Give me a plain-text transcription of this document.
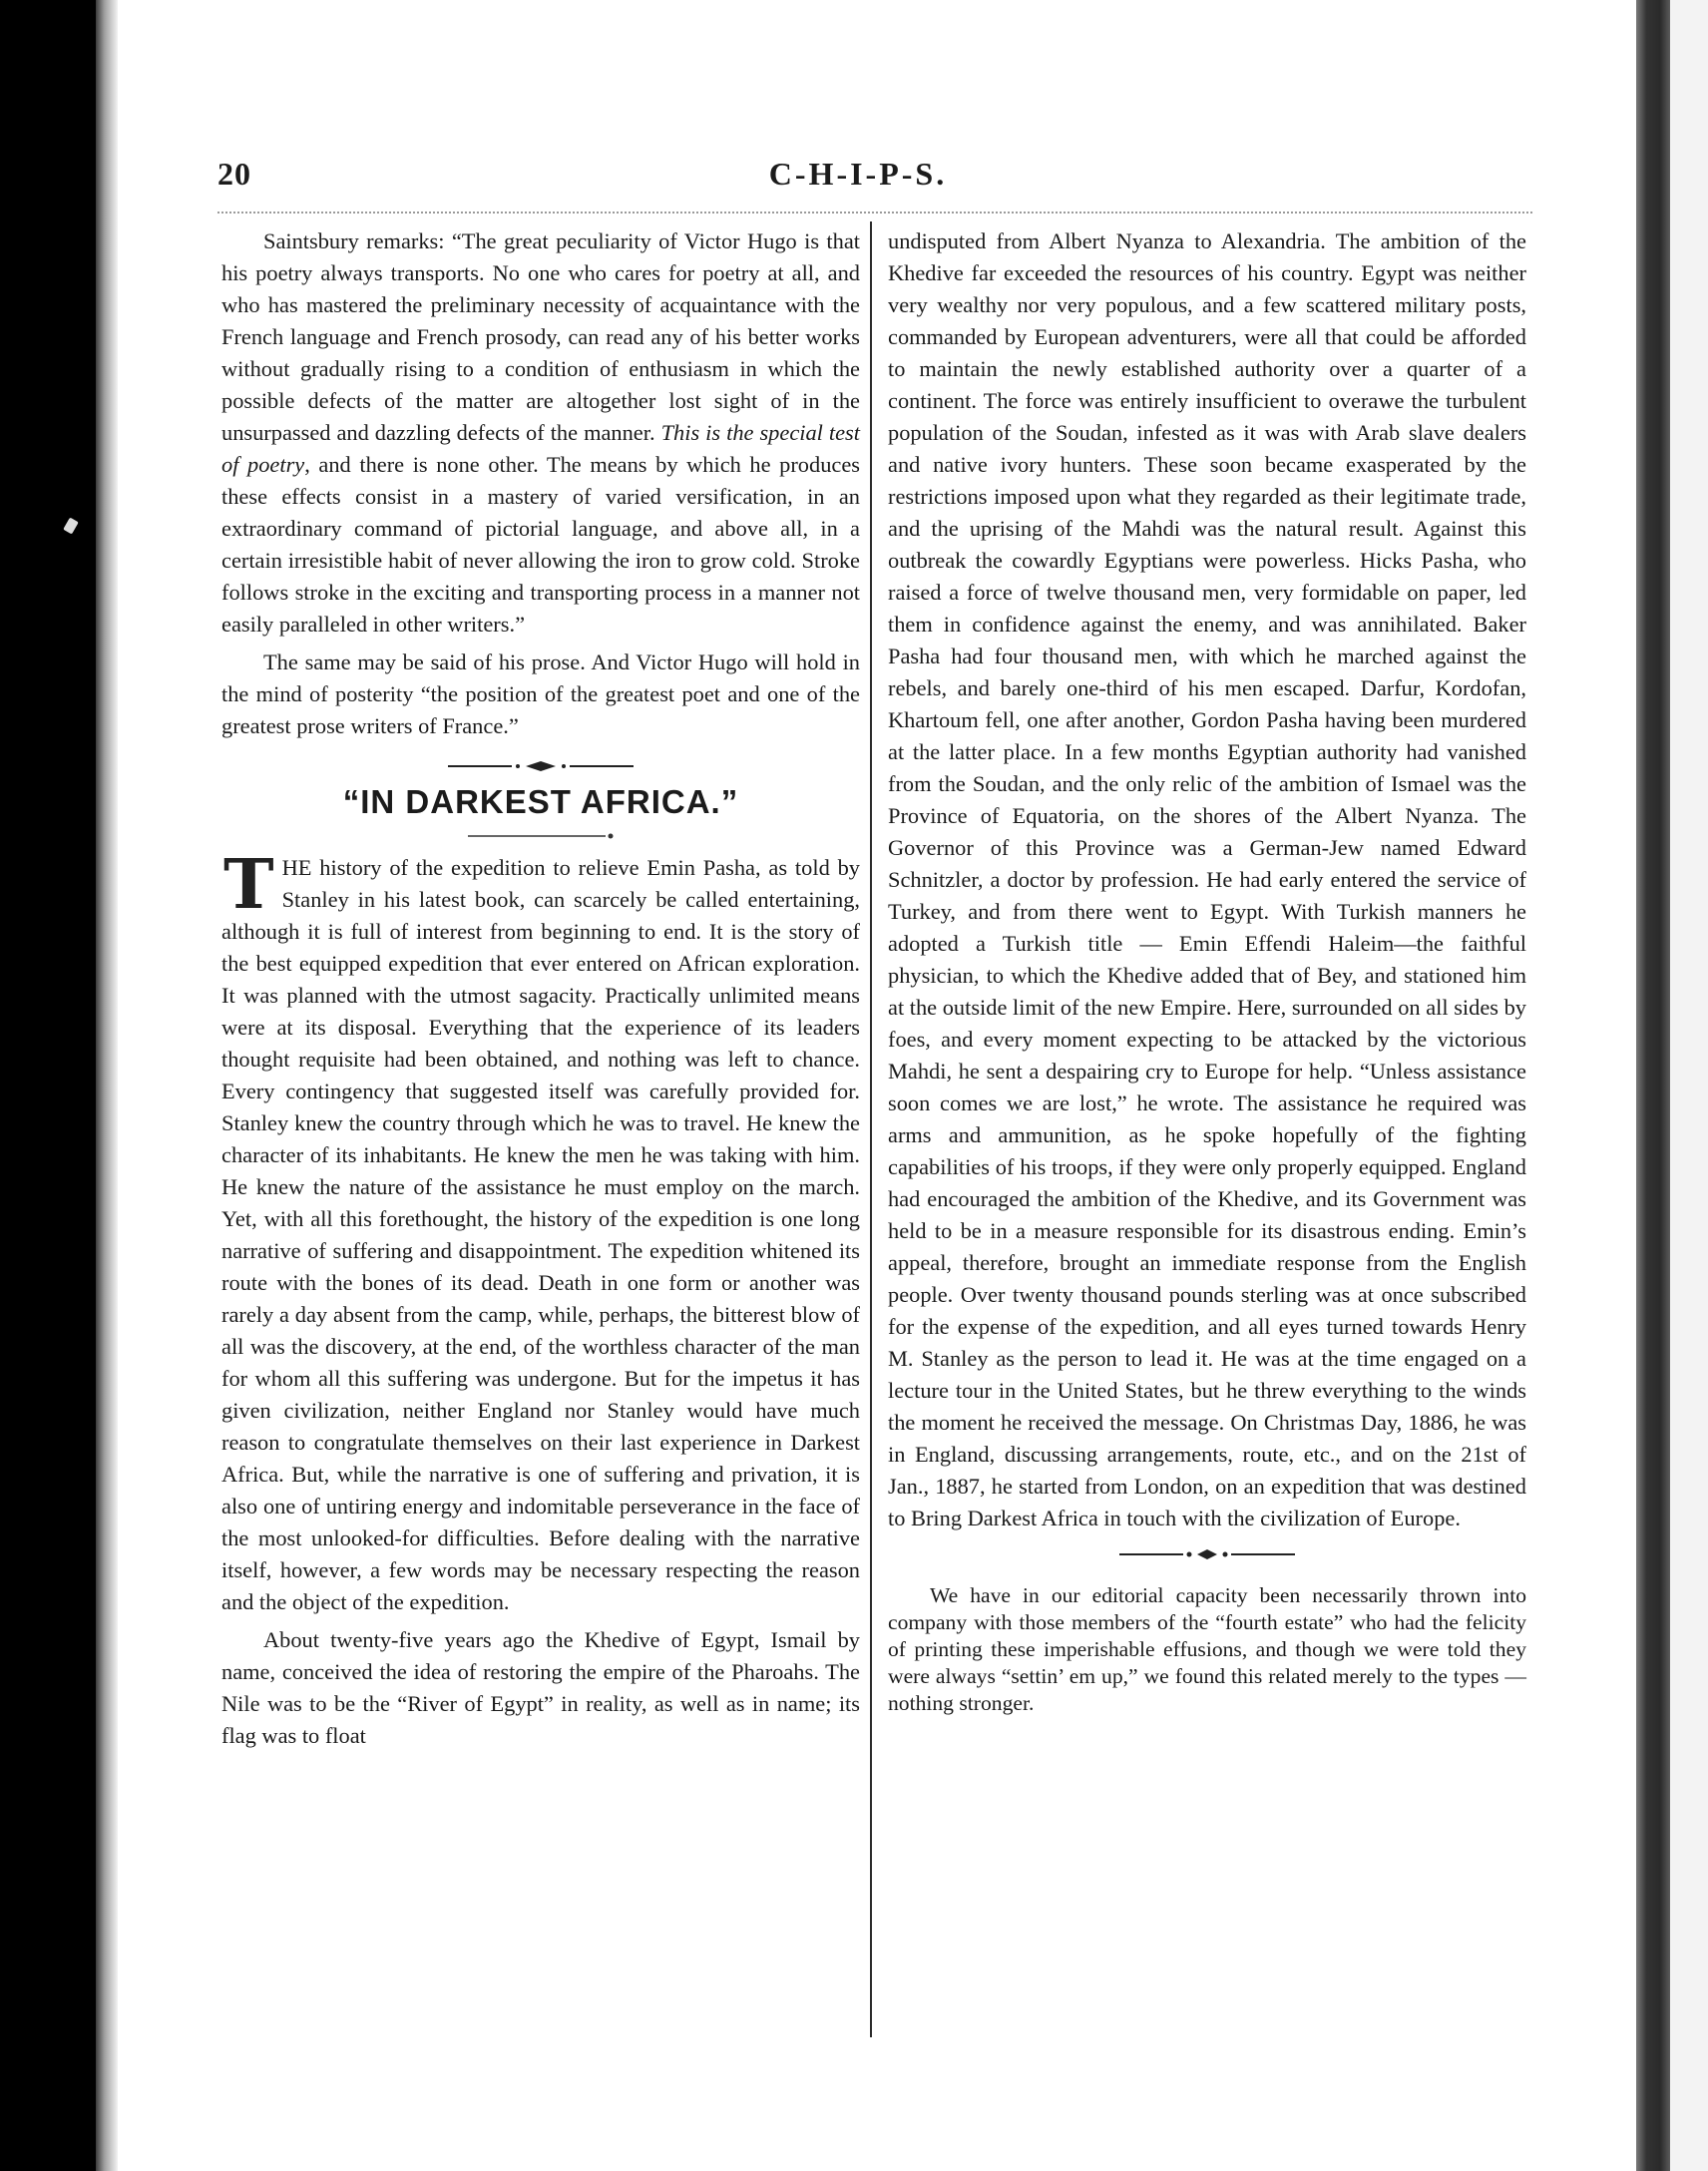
20	C-H-I-P-S.

Saintsbury remarks: “The great peculiarity of Victor Hugo is that his poetry always transports. No one who cares for poetry at all, and who has mastered the preliminary necessity of acquaintance with the French language and French prosody, can read any of his better works without gradually rising to a condition of enthusiasm in which the possible defects of the matter are altogether lost sight of in the unsurpassed and dazzling defects of the manner. This is the special test of poetry, and there is none other. The means by which he produces these effects consist in a mastery of varied versification, in an extraordinary command of pictorial language, and above all, in a certain irresistible habit of never allowing the iron to grow cold. Stroke follows stroke in the exciting and transporting process in a manner not easily paralleled in other writers.”

The same may be said of his prose. And Victor Hugo will hold in the mind of posterity “the position of the greatest poet and one of the greatest prose writers of France.”

“IN DARKEST AFRICA.”

THE history of the expedition to relieve Emin Pasha, as told by Stanley in his latest book, can scarcely be called entertaining, although it is full of interest from beginning to end. It is the story of the best equipped expedition that ever entered on African exploration. It was planned with the utmost sagacity. Practically unlimited means were at its disposal. Everything that the experience of its leaders thought requisite had been obtained, and nothing was left to chance. Every contingency that suggested itself was carefully provided for. Stanley knew the country through which he was to travel. He knew the character of its inhabitants. He knew the men he was taking with him. He knew the nature of the assistance he must employ on the march. Yet, with all this forethought, the history of the expedition is one long narrative of suffering and disappointment. The expedition whitened its route with the bones of its dead. Death in one form or another was rarely a day absent from the camp, while, perhaps, the bitterest blow of all was the discovery, at the end, of the worthless character of the man for whom all this suffering was undergone. But for the impetus it has given civilization, neither England nor Stanley would have much reason to congratulate themselves on their last experience in Darkest Africa. But, while the narrative is one of suffering and privation, it is also one of untiring energy and indomitable perseverance in the face of the most unlooked-for difficulties. Before dealing with the narrative itself, however, a few words may be necessary respecting the reason and the object of the expedition.

About twenty-five years ago the Khedive of Egypt, Ismail by name, conceived the idea of restoring the empire of the Pharoahs. The Nile was to be the “River of Egypt” in reality, as well as in name; its flag was to float

undisputed from Albert Nyanza to Alexandria. The ambition of the Khedive far exceeded the resources of his country. Egypt was neither very wealthy nor very populous, and a few scattered military posts, commanded by European adventurers, were all that could be afforded to maintain the newly established authority over a quarter of a continent. The force was entirely insufficient to overawe the turbulent population of the Soudan, infested as it was with Arab slave dealers and native ivory hunters. These soon became exasperated by the restrictions imposed upon what they regarded as their legitimate trade, and the uprising of the Mahdi was the natural result. Against this outbreak the cowardly Egyptians were powerless. Hicks Pasha, who raised a force of twelve thousand men, very formidable on paper, led them in confidence against the enemy, and was annihilated. Baker Pasha had four thousand men, with which he marched against the rebels, and barely one-third of his men escaped. Darfur, Kordofan, Khartoum fell, one after another, Gordon Pasha having been murdered at the latter place. In a few months Egyptian authority had vanished from the Soudan, and the only relic of the ambition of Ismael was the Province of Equatoria, on the shores of the Albert Nyanza. The Governor of this Province was a German-Jew named Edward Schnitzler, a doctor by profession. He had early entered the service of Turkey, and from there went to Egypt. With Turkish manners he adopted a Turkish title — Emin Effendi Haleim—the faithful physician, to which the Khedive added that of Bey, and stationed him at the outside limit of the new Empire. Here, surrounded on all sides by foes, and every moment expecting to be attacked by the victorious Mahdi, he sent a despairing cry to Europe for help. “Unless assistance soon comes we are lost,” he wrote. The assistance he required was arms and ammunition, as he spoke hopefully of the fighting capabilities of his troops, if they were only properly equipped. England had encouraged the ambition of the Khedive, and its Government was held to be in a measure responsible for its disastrous ending. Emin’s appeal, therefore, brought an immediate response from the English people. Over twenty thousand pounds sterling was at once subscribed for the expense of the expedition, and all eyes turned towards Henry M. Stanley as the person to lead it. He was at the time engaged on a lecture tour in the United States, but he threw everything to the winds the moment he received the message. On Christmas Day, 1886, he was in England, discussing arrangements, route, etc., and on the 21st of Jan., 1887, he started from London, on an expedition that was destined to Bring Darkest Africa in touch with the civilization of Europe.

We have in our editorial capacity been necessarily thrown into company with those members of the “fourth estate” who had the felicity of printing these imperishable effusions, and though we were told they were always “settin’ em up,” we found this related merely to the types —nothing stronger.
